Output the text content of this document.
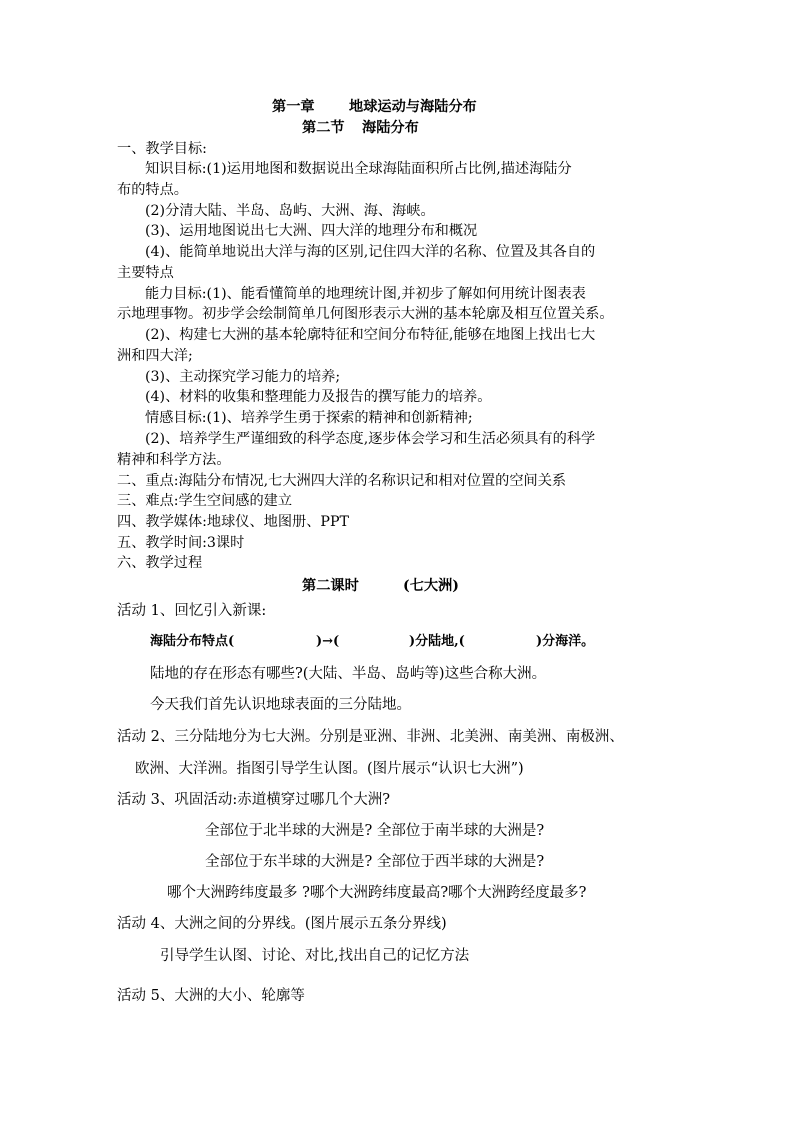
第一章 地球运动与海陆分布
第二节 海陆分布
一、教学目标:
知识目标:(1)运用地图和数据说出全球海陆面积所占比例,描述海陆分
布的特点。
(2)分清大陆、半岛、岛屿、大洲、海、海峡。
(3)、运用地图说出七大洲、四大洋的地理分布和概况
(4)、能简单地说出大洋与海的区别,记住四大洋的名称、位置及其各自的
主要特点
能力目标:(1)、能看懂简单的地理统计图,并初步了解如何用统计图表表
示地理事物。初步学会绘制简单几何图形表示大洲的基本轮廓及相互位置关系。
(2)、构建七大洲的基本轮廓特征和空间分布特征,能够在地图上找出七大
洲和四大洋;
(3)、主动探究学习能力的培养;
(4)、材料的收集和整理能力及报告的撰写能力的培养。
情感目标:(1)、培养学生勇于探索的精神和创新精神;
(2)、培养学生严谨细致的科学态度,逐步体会学习和生活必须具有的科学
精神和科学方法。
二、重点:海陆分布情况,七大洲四大洋的名称识记和相对位置的空间关系
三、难点:学生空间感的建立
四、教学媒体:地球仪、地图册、PPT
五、教学时间:3课时
六、教学过程
第二课时	(七大洲)
活动 1、回忆引入新课:
海陆分布特点(	)→(	)分陆地,(	)分海洋。
陆地的存在形态有哪些?(大陆、半岛、岛屿等)这些合称大洲。
今天我们首先认识地球表面的三分陆地。
活动 2、三分陆地分为七大洲。分别是亚洲、非洲、北美洲、南美洲、南极洲、
欧洲、大洋洲。指图引导学生认图。(图片展示“认识七大洲”)
活动 3、巩固活动:赤道横穿过哪几个大洲?
全部位于北半球的大洲是? 全部位于南半球的大洲是?
全部位于东半球的大洲是? 全部位于西半球的大洲是?
哪个大洲跨纬度最多 ?哪个大洲跨纬度最高?哪个大洲跨经度最多?
活动 4、大洲之间的分界线。(图片展示五条分界线)
引导学生认图、讨论、对比,找出自己的记忆方法
活动 5、大洲的大小、轮廓等
